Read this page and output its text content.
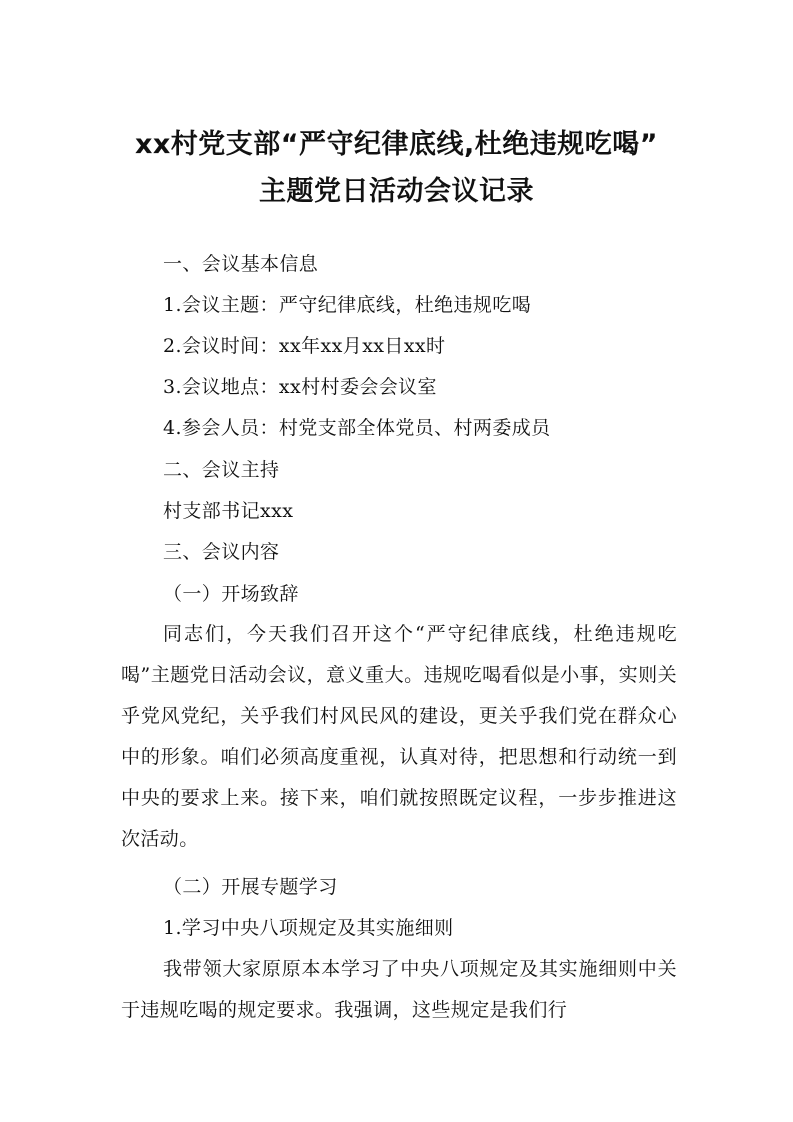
xx村党支部“严守纪律底线,杜绝违规吃喝”
主题党日活动会议记录
一、会议基本信息
1.会议主题：严守纪律底线，杜绝违规吃喝
2.会议时间：xx年xx月xx日xx时
3.会议地点：xx村村委会会议室
4.参会人员：村党支部全体党员、村两委成员
二、会议主持
村支部书记xxx
三、会议内容
（一）开场致辞
同志们，今天我们召开这个“严守纪律底线，杜绝违规吃喝”主题党日活动会议，意义重大。违规吃喝看似是小事，实则关乎党风党纪，关乎我们村风民风的建设，更关乎我们党在群众心中的形象。咱们必须高度重视，认真对待，把思想和行动统一到中央的要求上来。接下来，咱们就按照既定议程，一步步推进这次活动。
（二）开展专题学习
1.学习中央八项规定及其实施细则
我带领大家原原本本学习了中央八项规定及其实施细则中关于违规吃喝的规定要求。我强调，这些规定是我们行
